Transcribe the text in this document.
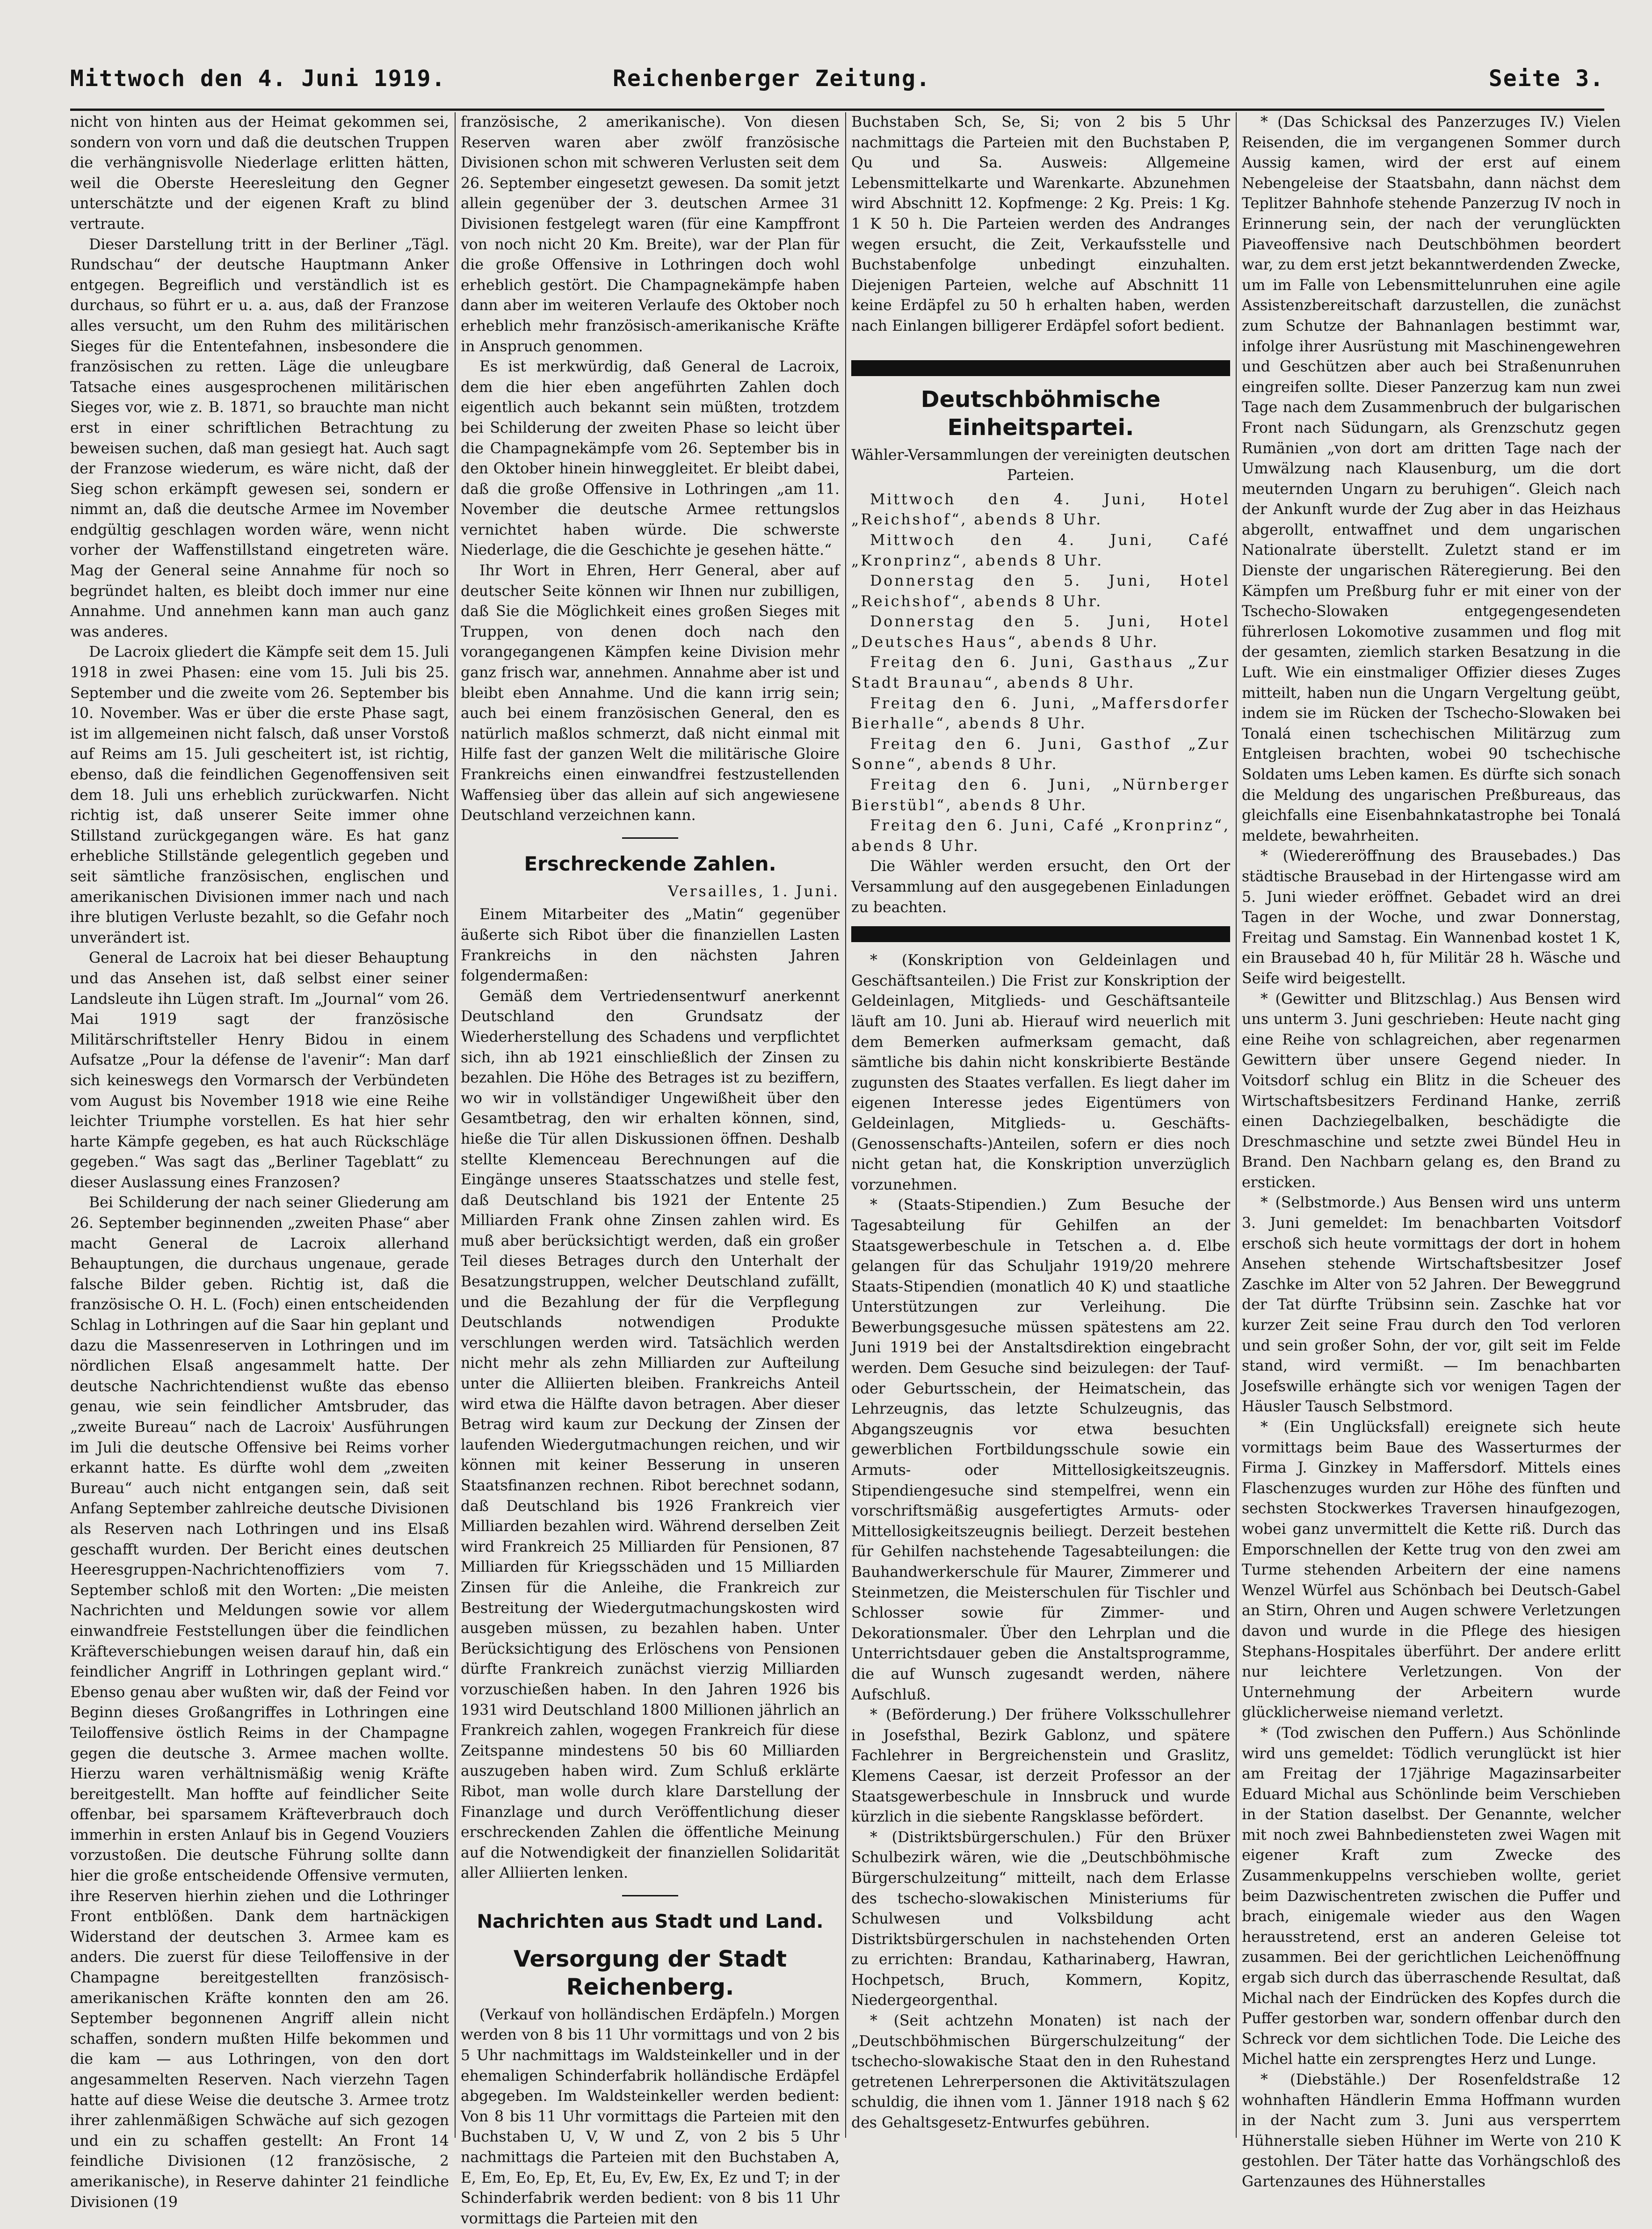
Mittwoch den 4. Juni 1919.	Reichenberger Zeitung.	Seite 3.

nicht von hinten aus der Heimat gekommen sei, sondern von vorn und daß die deutschen Truppen die verhängnisvolle Niederlage erlitten hätten, weil die Oberste Heeresleitung den Gegner unterschätzte und der eigenen Kraft zu blind vertraute.

Dieser Darstellung tritt in der Berliner „Tägl. Rundschau“ der deutsche Hauptmann Anker entgegen. Begreiflich und verständlich ist es durchaus, so führt er u. a. aus, daß der Franzose alles versucht, um den Ruhm des militärischen Sieges für die Ententefahnen, insbesondere die französischen zu retten. Läge die unleugbare Tatsache eines ausgesprochenen militärischen Sieges vor, wie z. B. 1871, so brauchte man nicht erst in einer schriftlichen Betrachtung zu beweisen suchen, daß man gesiegt hat. Auch sagt der Franzose wiederum, es wäre nicht, daß der Sieg schon erkämpft gewesen sei, sondern er nimmt an, daß die deutsche Armee im November endgültig geschlagen worden wäre, wenn nicht vorher der Waffenstillstand eingetreten wäre. Mag der General seine Annahme für noch so begründet halten, es bleibt doch immer nur eine Annahme. Und annehmen kann man auch ganz was anderes.

De Lacroix gliedert die Kämpfe seit dem 15. Juli 1918 in zwei Phasen: eine vom 15. Juli bis 25. September und die zweite vom 26. September bis 10. November. Was er über die erste Phase sagt, ist im allgemeinen nicht falsch, daß unser Vorstoß auf Reims am 15. Juli gescheitert ist, ist richtig, ebenso, daß die feindlichen Gegenoffensiven seit dem 18. Juli uns erheblich zurückwarfen. Nicht richtig ist, daß unserer Seite immer ohne Stillstand zurückgegangen wäre. Es hat ganz erhebliche Stillstände gelegentlich gegeben und seit sämtliche französischen, englischen und amerikanischen Divisionen immer nach und nach ihre blutigen Verluste bezahlt, so die Gefahr noch unverändert ist.

General de Lacroix hat bei dieser Behauptung und das Ansehen ist, daß selbst einer seiner Landsleute ihn Lügen straft. Im „Journal“ vom 26. Mai 1919 sagt der französische Militärschriftsteller Henry Bidou in einem Aufsatze „Pour la défense de l'avenir“: Man darf sich keineswegs den Vormarsch der Verbündeten vom August bis November 1918 wie eine Reihe leichter Triumphe vorstellen. Es hat hier sehr harte Kämpfe gegeben, es hat auch Rückschläge gegeben.“ Was sagt das „Berliner Tageblatt“ zu dieser Auslassung eines Franzosen?

Bei Schilderung der nach seiner Gliederung am 26. September beginnenden „zweiten Phase“ aber macht General de Lacroix allerhand Behauptungen, die durchaus ungenaue, gerade falsche Bilder geben. Richtig ist, daß die französische O. H. L. (Foch) einen entscheidenden Schlag in Lothringen auf die Saar hin geplant und dazu die Massenreserven in Lothringen und im nördlichen Elsaß angesammelt hatte. Der deutsche Nachrichtendienst wußte das ebenso genau, wie sein feindlicher Amtsbruder, das „zweite Bureau“ nach de Lacroix' Ausführungen im Juli die deutsche Offensive bei Reims vorher erkannt hatte. Es dürfte wohl dem „zweiten Bureau“ auch nicht entgangen sein, daß seit Anfang September zahlreiche deutsche Divisionen als Reserven nach Lothringen und ins Elsaß geschafft wurden. Der Bericht eines deutschen Heeresgruppen-Nachrichtenoffiziers vom 7. September schloß mit den Worten: „Die meisten Nachrichten und Meldungen sowie vor allem einwandfreie Feststellungen über die feindlichen Kräfteverschiebungen weisen darauf hin, daß ein feindlicher Angriff in Lothringen geplant wird.“ Ebenso genau aber wußten wir, daß der Feind vor Beginn dieses Großangriffes in Lothringen eine Teiloffensive östlich Reims in der Champagne gegen die deutsche 3. Armee machen wollte. Hierzu waren verhältnismäßig wenig Kräfte bereitgestellt. Man hoffte auf feindlicher Seite offenbar, bei sparsamem Kräfteverbrauch doch immerhin in ersten Anlauf bis in Gegend Vouziers vorzustoßen. Die deutsche Führung sollte dann hier die große entscheidende Offensive vermuten, ihre Reserven hierhin ziehen und die Lothringer Front entblößen. Dank dem hartnäckigen Widerstand der deutschen 3. Armee kam es anders. Die zuerst für diese Teiloffensive in der Champagne bereitgestellten französisch-amerikanischen Kräfte konnten den am 26. September begonnenen Angriff allein nicht schaffen, sondern mußten Hilfe bekommen und die kam — aus Lothringen, von den dort angesammelten Reserven. Nach vierzehn Tagen hatte auf diese Weise die deutsche 3. Armee trotz ihrer zahlenmäßigen Schwäche auf sich gezogen und ein zu schaffen gestellt: An Front 14 feindliche Divisionen (12 französische, 2 amerikanische), in Reserve dahinter 21 feindliche Divisionen (19

französische, 2 amerikanische). Von diesen Reserven waren aber zwölf französische Divisionen schon mit schweren Verlusten seit dem 26. September eingesetzt gewesen. Da somit jetzt allein gegenüber der 3. deutschen Armee 31 Divisionen festgelegt waren (für eine Kampffront von noch nicht 20 Km. Breite), war der Plan für die große Offensive in Lothringen doch wohl erheblich gestört. Die Champagnekämpfe haben dann aber im weiteren Verlaufe des Oktober noch erheblich mehr französisch-amerikanische Kräfte in Anspruch genommen.

Es ist merkwürdig, daß General de Lacroix, dem die hier eben angeführten Zahlen doch eigentlich auch bekannt sein müßten, trotzdem bei Schilderung der zweiten Phase so leicht über die Champagnekämpfe vom 26. September bis in den Oktober hinein hinweggleitet. Er bleibt dabei, daß die große Offensive in Lothringen „am 11. November die deutsche Armee rettungslos vernichtet haben würde. Die schwerste Niederlage, die die Geschichte je gesehen hätte.“

Ihr Wort in Ehren, Herr General, aber auf deutscher Seite können wir Ihnen nur zubilligen, daß Sie die Möglichkeit eines großen Sieges mit Truppen, von denen doch nach den vorangegangenen Kämpfen keine Division mehr ganz frisch war, annehmen. Annahme aber ist und bleibt eben Annahme. Und die kann irrig sein; auch bei einem französischen General, den es natürlich maßlos schmerzt, daß nicht einmal mit Hilfe fast der ganzen Welt die militärische Gloire Frankreichs einen einwandfrei festzustellenden Waffensieg über das allein auf sich angewiesene Deutschland verzeichnen kann.

Erschreckende Zahlen.

Versailles, 1. Juni.

Einem Mitarbeiter des „Matin“ gegenüber äußerte sich Ribot über die finanziellen Lasten Frankreichs in den nächsten Jahren folgendermaßen:

Gemäß dem Vertriedensentwurf anerkennt Deutschland den Grundsatz der Wiederherstellung des Schadens und verpflichtet sich, ihn ab 1921 einschließlich der Zinsen zu bezahlen. Die Höhe des Betrages ist zu beziffern, wo wir in vollständiger Ungewißheit über den Gesamtbetrag, den wir erhalten können, sind, hieße die Tür allen Diskussionen öffnen. Deshalb stellte Klemenceau Berechnungen auf die Eingänge unseres Staatsschatzes und stelle fest, daß Deutschland bis 1921 der Entente 25 Milliarden Frank ohne Zinsen zahlen wird. Es muß aber berücksichtigt werden, daß ein großer Teil dieses Betrages durch den Unterhalt der Besatzungstruppen, welcher Deutschland zufällt, und die Bezahlung der für die Verpflegung Deutschlands notwendigen Produkte verschlungen werden wird. Tatsächlich werden nicht mehr als zehn Milliarden zur Aufteilung unter die Alliierten bleiben. Frankreichs Anteil wird etwa die Hälfte davon betragen. Aber dieser Betrag wird kaum zur Deckung der Zinsen der laufenden Wiedergutmachungen reichen, und wir können mit keiner Besserung in unseren Staatsfinanzen rechnen. Ribot berechnet sodann, daß Deutschland bis 1926 Frankreich vier Milliarden bezahlen wird. Während derselben Zeit wird Frankreich 25 Milliarden für Pensionen, 87 Milliarden für Kriegsschäden und 15 Milliarden Zinsen für die Anleihe, die Frankreich zur Bestreitung der Wiedergutmachungskosten wird ausgeben müssen, zu bezahlen haben. Unter Berücksichtigung des Erlöschens von Pensionen dürfte Frankreich zunächst vierzig Milliarden vorzuschießen haben. In den Jahren 1926 bis 1931 wird Deutschland 1800 Millionen jährlich an Frankreich zahlen, wogegen Frankreich für diese Zeitspanne mindestens 50 bis 60 Milliarden auszugeben haben wird. Zum Schluß erklärte Ribot, man wolle durch klare Darstellung der Finanzlage und durch Veröffentlichung dieser erschreckenden Zahlen die öffentliche Meinung auf die Notwendigkeit der finanziellen Solidarität aller Alliierten lenken.

Nachrichten aus Stadt und Land.

Versorgung der Stadt Reichenberg.

(Verkauf von holländischen Erdäpfeln.) Morgen werden von 8 bis 11 Uhr vormittags und von 2 bis 5 Uhr nachmittags im Waldsteinkeller und in der ehemaligen Schinderfabrik holländische Erdäpfel abgegeben. Im Waldsteinkeller werden bedient: Von 8 bis 11 Uhr vormittags die Parteien mit den Buchstaben U, V, W und Z, von 2 bis 5 Uhr nachmittags die Parteien mit den Buchstaben A, E, Em, Eo, Ep, Et, Eu, Ev, Ew, Ex, Ez und T; in der Schinderfabrik werden bedient: von 8 bis 11 Uhr vormittags die Parteien mit den

Buchstaben Sch, Se, Si; von 2 bis 5 Uhr nachmittags die Parteien mit den Buchstaben P, Qu und Sa. Ausweis: Allgemeine Lebensmittelkarte und Warenkarte. Abzunehmen wird Abschnitt 12. Kopfmenge: 2 Kg. Preis: 1 Kg. 1 K 50 h. Die Parteien werden des Andranges wegen ersucht, die Zeit, Verkaufsstelle und Buchstabenfolge unbedingt einzuhalten. Diejenigen Parteien, welche auf Abschnitt 11 keine Erdäpfel zu 50 h erhalten haben, werden nach Einlangen billigerer Erdäpfel sofort bedient.

Deutschböhmische Einheitspartei.

Wähler-Versammlungen der vereinigten deutschen Parteien.

Mittwoch den 4. Juni, Hotel „Reichshof“, abends 8 Uhr.

Mittwoch den 4. Juni, Café „Kronprinz“, abends 8 Uhr.

Donnerstag den 5. Juni, Hotel „Reichshof“, abends 8 Uhr.

Donnerstag den 5. Juni, Hotel „Deutsches Haus“, abends 8 Uhr.

Freitag den 6. Juni, Gasthaus „Zur Stadt Braunau“, abends 8 Uhr.

Freitag den 6. Juni, „Maffersdorfer Bierhalle“, abends 8 Uhr.

Freitag den 6. Juni, Gasthof „Zur Sonne“, abends 8 Uhr.

Freitag den 6. Juni, „Nürnberger Bierstübl“, abends 8 Uhr.

Freitag den 6. Juni, Café „Kronprinz“, abends 8 Uhr.

Die Wähler werden ersucht, den Ort der Versammlung auf den ausgegebenen Einladungen zu beachten.

* (Konskription von Geldeinlagen und Geschäftsanteilen.) Die Frist zur Konskription der Geldeinlagen, Mitglieds- und Geschäftsanteile läuft am 10. Juni ab. Hierauf wird neuerlich mit dem Bemerken aufmerksam gemacht, daß sämtliche bis dahin nicht konskribierte Bestände zugunsten des Staates verfallen. Es liegt daher im eigenen Interesse jedes Eigentümers von Geldeinlagen, Mitglieds- u. Geschäfts-(Genossenschafts-)Anteilen, sofern er dies noch nicht getan hat, die Konskription unverzüglich vorzunehmen.

* (Staats-Stipendien.) Zum Besuche der Tagesabteilung für Gehilfen an der Staatsgewerbeschule in Tetschen a. d. Elbe gelangen für das Schuljahr 1919/20 mehrere Staats-Stipendien (monatlich 40 K) und staatliche Unterstützungen zur Verleihung. Die Bewerbungsgesuche müssen spätestens am 22. Juni 1919 bei der Anstaltsdirektion eingebracht werden. Dem Gesuche sind beizulegen: der Tauf- oder Geburtsschein, der Heimatschein, das Lehrzeugnis, das letzte Schulzeugnis, das Abgangszeugnis vor etwa besuchten gewerblichen Fortbildungsschule sowie ein Armuts- oder Mittellosigkeitszeugnis. Stipendiengesuche sind stempelfrei, wenn ein vorschriftsmäßig ausgefertigtes Armuts- oder Mittellosigkeitszeugnis beiliegt. Derzeit bestehen für Gehilfen nachstehende Tagesabteilungen: die Bauhandwerkerschule für Maurer, Zimmerer und Steinmetzen, die Meisterschulen für Tischler und Schlosser sowie für Zimmer- und Dekorationsmaler. Über den Lehrplan und die Unterrichtsdauer geben die Anstaltsprogramme, die auf Wunsch zugesandt werden, nähere Aufschluß.

* (Beförderung.) Der frühere Volksschullehrer in Josefsthal, Bezirk Gablonz, und spätere Fachlehrer in Bergreichenstein und Graslitz, Klemens Caesar, ist derzeit Professor an der Staatsgewerbeschule in Innsbruck und wurde kürzlich in die siebente Rangsklasse befördert.

* (Distriktsbürgerschulen.) Für den Brüxer Schulbezirk wären, wie die „Deutschböhmische Bürgerschulzeitung“ mitteilt, nach dem Erlasse des tschecho-slowakischen Ministeriums für Schulwesen und Volksbildung acht Distriktsbürgerschulen in nachstehenden Orten zu errichten: Brandau, Katharinaberg, Hawran, Hochpetsch, Bruch, Kommern, Kopitz, Niedergeorgenthal.

* (Seit achtzehn Monaten) ist nach der „Deutschböhmischen Bürgerschulzeitung“ der tschecho-slowakische Staat den in den Ruhestand getretenen Lehrerpersonen die Aktivitätszulagen schuldig, die ihnen vom 1. Jänner 1918 nach § 62 des Gehaltsgesetz-Entwurfes gebühren.

* (Das Schicksal des Panzerzuges IV.) Vielen Reisenden, die im vergangenen Sommer durch Aussig kamen, wird der erst auf einem Nebengeleise der Staatsbahn, dann nächst dem Teplitzer Bahnhofe stehende Panzerzug IV noch in Erinnerung sein, der nach der verunglückten Piaveoffensive nach Deutschböhmen beordert war, zu dem erst jetzt bekanntwerdenden Zwecke, um im Falle von Lebensmittelunruhen eine agile Assistenzbereitschaft darzustellen, die zunächst zum Schutze der Bahnanlagen bestimmt war, infolge ihrer Ausrüstung mit Maschinengewehren und Geschützen aber auch bei Straßenunruhen eingreifen sollte. Dieser Panzerzug kam nun zwei Tage nach dem Zusammenbruch der bulgarischen Front nach Südungarn, als Grenzschutz gegen Rumänien „von dort am dritten Tage nach der Umwälzung nach Klausenburg, um die dort meuternden Ungarn zu beruhigen“. Gleich nach der Ankunft wurde der Zug aber in das Heizhaus abgerollt, entwaffnet und dem ungarischen Nationalrate überstellt. Zuletzt stand er im Dienste der ungarischen Räteregierung. Bei den Kämpfen um Preßburg fuhr er mit einer von der Tschecho-Slowaken entgegengesendeten führerlosen Lokomotive zusammen und flog mit der gesamten, ziemlich starken Besatzung in die Luft. Wie ein einstmaliger Offizier dieses Zuges mitteilt, haben nun die Ungarn Vergeltung geübt, indem sie im Rücken der Tschecho-Slowaken bei Tonalá einen tschechischen Militärzug zum Entgleisen brachten, wobei 90 tschechische Soldaten ums Leben kamen. Es dürfte sich sonach die Meldung des ungarischen Preßbureaus, das gleichfalls eine Eisenbahnkatastrophe bei Tonalá meldete, bewahrheiten.

* (Wiedereröffnung des Brausebades.) Das städtische Brausebad in der Hirtengasse wird am 5. Juni wieder eröffnet. Gebadet wird an drei Tagen in der Woche, und zwar Donnerstag, Freitag und Samstag. Ein Wannenbad kostet 1 K, ein Brausebad 40 h, für Militär 28 h. Wäsche und Seife wird beigestellt.

* (Gewitter und Blitzschlag.) Aus Bensen wird uns unterm 3. Juni geschrieben: Heute nacht ging eine Reihe von schlagreichen, aber regenarmen Gewittern über unsere Gegend nieder. In Voitsdorf schlug ein Blitz in die Scheuer des Wirtschaftsbesitzers Ferdinand Hanke, zerriß einen Dachziegelbalken, beschädigte die Dreschmaschine und setzte zwei Bündel Heu in Brand. Den Nachbarn gelang es, den Brand zu ersticken.

* (Selbstmorde.) Aus Bensen wird uns unterm 3. Juni gemeldet: Im benachbarten Voitsdorf erschoß sich heute vormittags der dort in hohem Ansehen stehende Wirtschaftsbesitzer Josef Zaschke im Alter von 52 Jahren. Der Beweggrund der Tat dürfte Trübsinn sein. Zaschke hat vor kurzer Zeit seine Frau durch den Tod verloren und sein großer Sohn, der vor, gilt seit im Felde stand, wird vermißt. — Im benachbarten Josefswille erhängte sich vor wenigen Tagen der Häusler Tausch Selbstmord.

* (Ein Unglücksfall) ereignete sich heute vormittags beim Baue des Wasserturmes der Firma J. Ginzkey in Maffersdorf. Mittels eines Flaschenzuges wurden zur Höhe des fünften und sechsten Stockwerkes Traversen hinaufgezogen, wobei ganz unvermittelt die Kette riß. Durch das Emporschnellen der Kette trug von den zwei am Turme stehenden Arbeitern der eine namens Wenzel Würfel aus Schönbach bei Deutsch-Gabel an Stirn, Ohren und Augen schwere Verletzungen davon und wurde in die Pflege des hiesigen Stephans-Hospitales überführt. Der andere erlitt nur leichtere Verletzungen. Von der Unternehmung der Arbeitern wurde glücklicherweise niemand verletzt.

* (Tod zwischen den Puffern.) Aus Schönlinde wird uns gemeldet: Tödlich verunglückt ist hier am Freitag der 17jährige Magazinsarbeiter Eduard Michal aus Schönlinde beim Verschieben in der Station daselbst. Der Genannte, welcher mit noch zwei Bahnbediensteten zwei Wagen mit eigener Kraft zum Zwecke des Zusammenkuppelns verschieben wollte, geriet beim Dazwischentreten zwischen die Puffer und brach, einigemale wieder aus den Wagen herausstretend, erst an anderen Geleise tot zusammen. Bei der gerichtlichen Leichenöffnung ergab sich durch das überraschende Resultat, daß Michal nach der Eindrücken des Kopfes durch die Puffer gestorben war, sondern offenbar durch den Schreck vor dem sichtlichen Tode. Die Leiche des Michel hatte ein zersprengtes Herz und Lunge.

* (Diebstähle.) Der Rosenfeldstraße 12 wohnhaften Händlerin Emma Hoffmann wurden in der Nacht zum 3. Juni aus versperrtem Hühnerstalle sieben Hühner im Werte von 210 K gestohlen. Der Täter hatte das Vorhängschloß des Gartenzaunes des Hühnerstalles
